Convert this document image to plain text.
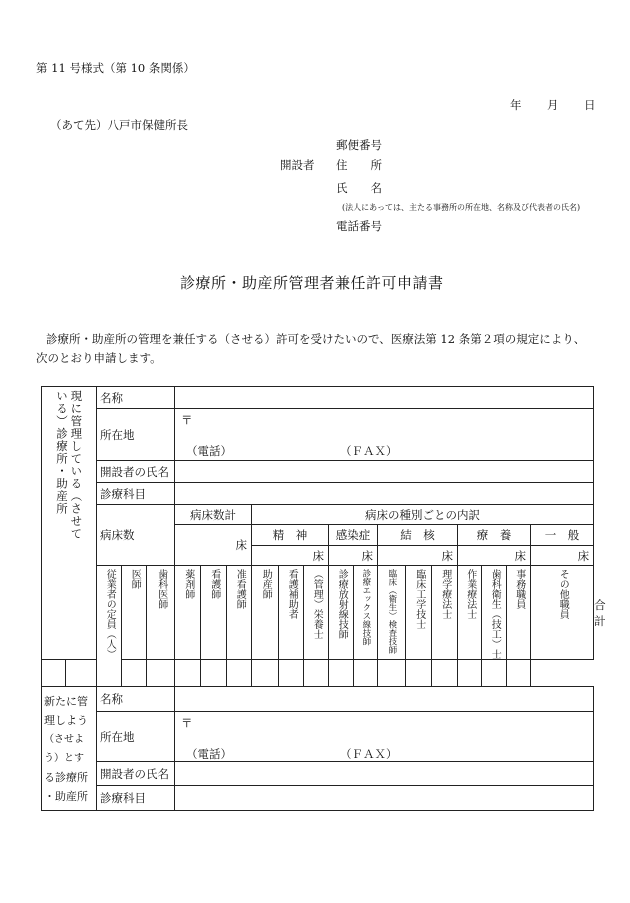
第 11 号様式（第 10 条関係）
年 月 日
（あて先）八戸市保健所長
郵便番号
開設者 住　　所
氏　　名
(法人にあっては、主たる事務所の所在地、名称及び代表者の氏名)
電話番号
診療所・助産所管理者兼任許可申請書
診療所・助産所の管理を兼任する（させる）許可を受けたいので、医療法第 12 条第２項の規定により、
次のとおり申請します。
現に管理している（させている）診療所・助産所		名称																		
		所在地			〒
（電話） （ＦＡＸ）															

		開設者の氏名																		
		診療科目																		
		病床数			病床数計			病床の種別ごとの内訳												
					床			精　神			感染症		結　核			療　養			一　般	
								床			床		床			床			床	

		従業者の定員（人）	医師	歯科医師	薬剤師	看護師	准看護師	助産師	看護補助者	（管理）栄養士	診療放射線技師	診療エックス線技師	臨床（衛生）検査技師	臨床工学技士	理学療法士	作業療法士	歯科衛生（技工）士	事務職員	その他職員	合　計

新たに管
理しよう
（させよう）とす
る診療所
・助産所		名称																		
		所在地			〒
（電話） （ＦＡＸ）															

		開設者の氏名																		
		診療科目																		
